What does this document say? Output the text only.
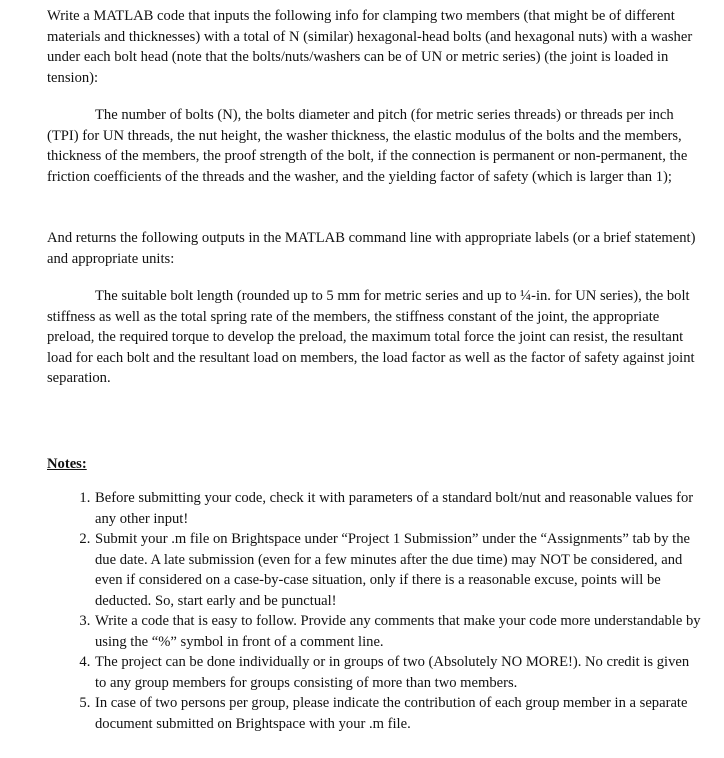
Write a MATLAB code that inputs the following info for clamping two members (that might be of different materials and thicknesses) with a total of N (similar) hexagonal-head bolts (and hexagonal nuts) with a washer under each bolt head (note that the bolts/nuts/washers can be of UN or metric series) (the joint is loaded in tension):

The number of bolts (N), the bolts diameter and pitch (for metric series threads) or threads per inch (TPI) for UN threads, the nut height, the washer thickness, the elastic modulus of the bolts and the members, thickness of the members, the proof strength of the bolt, if the connection is permanent or non-permanent, the friction coefficients of the threads and the washer, and the yielding factor of safety (which is larger than 1);

And returns the following outputs in the MATLAB command line with appropriate labels (or a brief statement) and appropriate units:

The suitable bolt length (rounded up to 5 mm for metric series and up to ¼-in. for UN series), the bolt stiffness as well as the total spring rate of the members, the stiffness constant of the joint, the appropriate preload, the required torque to develop the preload, the maximum total force the joint can resist, the resultant load for each bolt and the resultant load on members, the load factor as well as the factor of safety against joint separation.

Notes:

1. Before submitting your code, check it with parameters of a standard bolt/nut and reasonable values for any other input!
2. Submit your .m file on Brightspace under “Project 1 Submission” under the “Assignments” tab by the due date. A late submission (even for a few minutes after the due time) may NOT be considered, and even if considered on a case-by-case situation, only if there is a reasonable excuse, points will be deducted. So, start early and be punctual!
3. Write a code that is easy to follow. Provide any comments that make your code more understandable by using the “%” symbol in front of a comment line.
4. The project can be done individually or in groups of two (Absolutely NO MORE!). No credit is given to any group members for groups consisting of more than two members.
5. In case of two persons per group, please indicate the contribution of each group member in a separate document submitted on Brightspace with your .m file.
